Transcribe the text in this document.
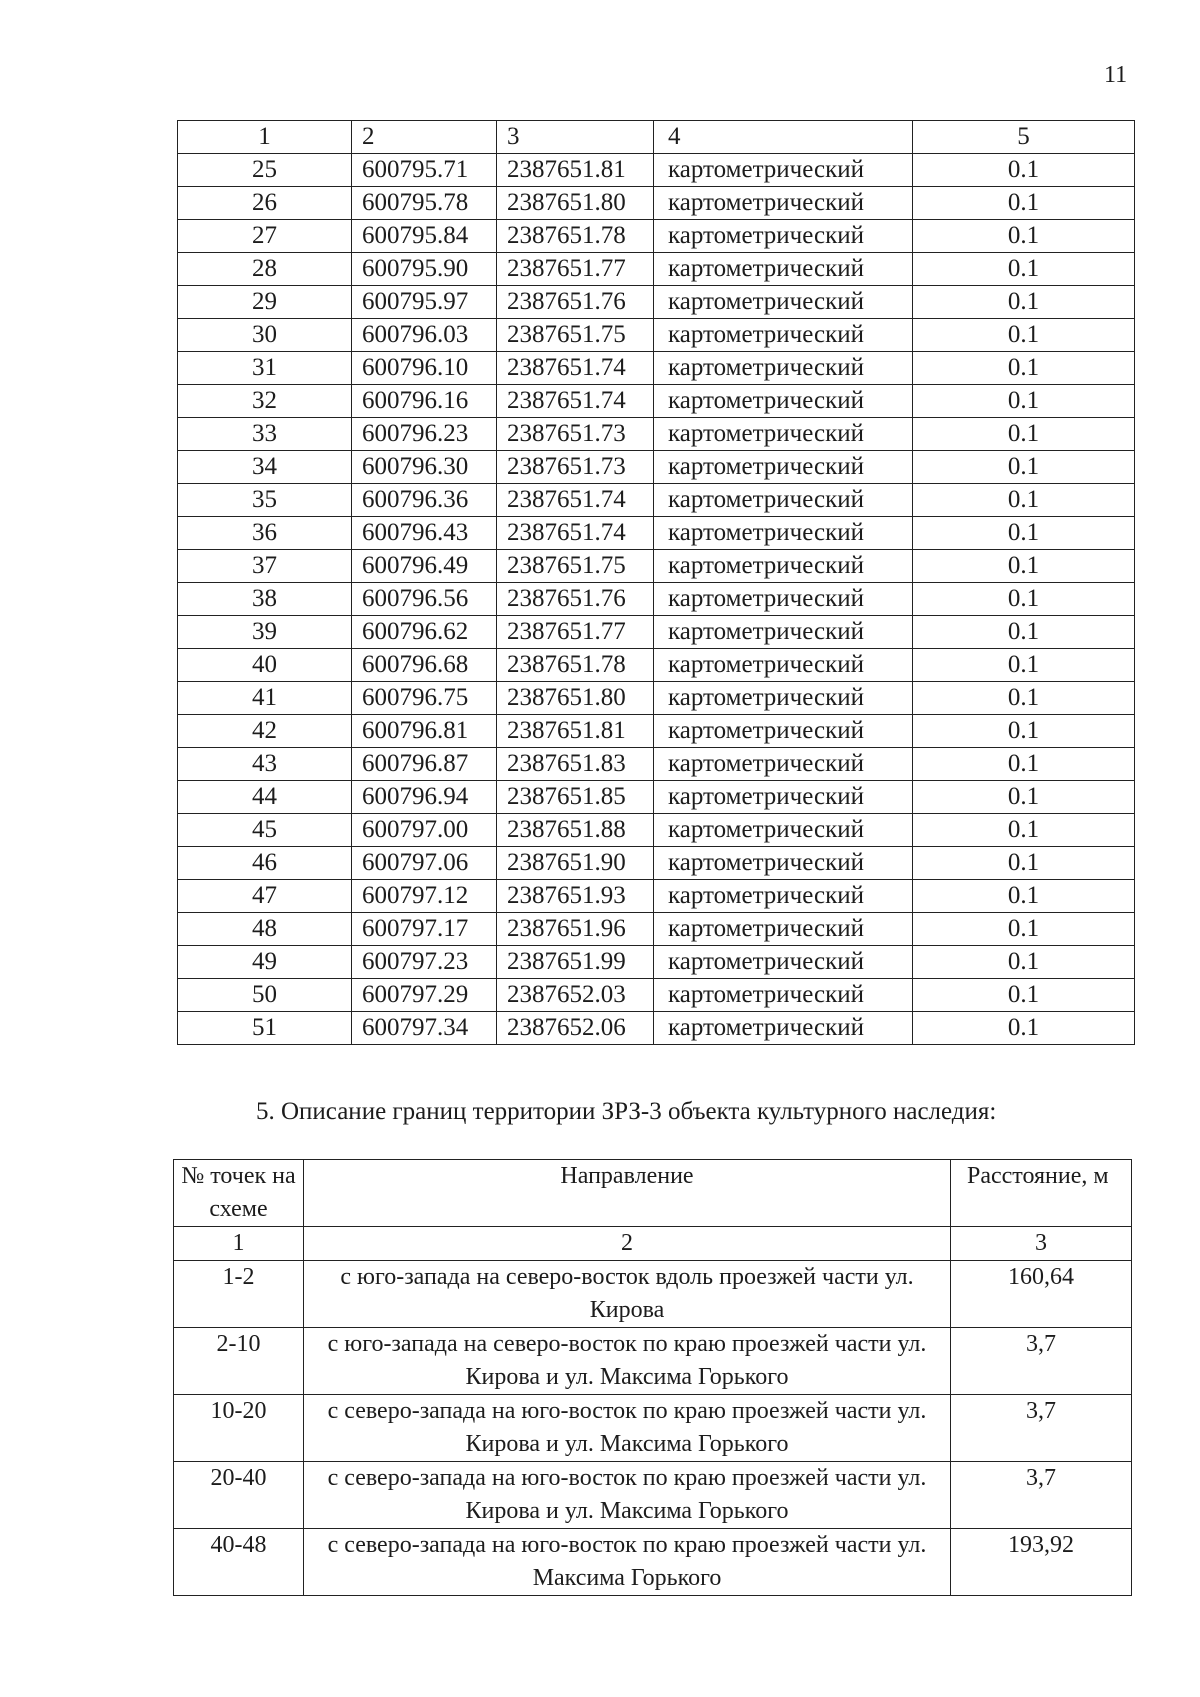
11
1	2	3	4	5
25	600795.71	2387651.81	картометрический	0.1
26	600795.78	2387651.80	картометрический	0.1
27	600795.84	2387651.78	картометрический	0.1
28	600795.90	2387651.77	картометрический	0.1
29	600795.97	2387651.76	картометрический	0.1
30	600796.03	2387651.75	картометрический	0.1
31	600796.10	2387651.74	картометрический	0.1
32	600796.16	2387651.74	картометрический	0.1
33	600796.23	2387651.73	картометрический	0.1
34	600796.30	2387651.73	картометрический	0.1
35	600796.36	2387651.74	картометрический	0.1
36	600796.43	2387651.74	картометрический	0.1
37	600796.49	2387651.75	картометрический	0.1
38	600796.56	2387651.76	картометрический	0.1
39	600796.62	2387651.77	картометрический	0.1
40	600796.68	2387651.78	картометрический	0.1
41	600796.75	2387651.80	картометрический	0.1
42	600796.81	2387651.81	картометрический	0.1
43	600796.87	2387651.83	картометрический	0.1
44	600796.94	2387651.85	картометрический	0.1
45	600797.00	2387651.88	картометрический	0.1
46	600797.06	2387651.90	картометрический	0.1
47	600797.12	2387651.93	картометрический	0.1
48	600797.17	2387651.96	картометрический	0.1
49	600797.23	2387651.99	картометрический	0.1
50	600797.29	2387652.03	картометрический	0.1
51	600797.34	2387652.06	картометрический	0.1
5. Описание границ территории ЗРЗ-3 объекта культурного наследия:
№ точек на схеме	Направление	Расстояние, м
1	2	3
1-2	с юго-запада на северо-восток вдоль проезжей части ул. Кирова	160,64
2-10	с юго-запада на северо-восток по краю проезжей части ул. Кирова и ул. Максима Горького	3,7
10-20	с северо-запада на юго-восток по краю проезжей части ул. Кирова и ул. Максима Горького	3,7
20-40	с северо-запада на юго-восток по краю проезжей части ул. Кирова и ул. Максима Горького	3,7
40-48	с северо-запада на юго-восток по краю проезжей части ул. Максима Горького	193,92
